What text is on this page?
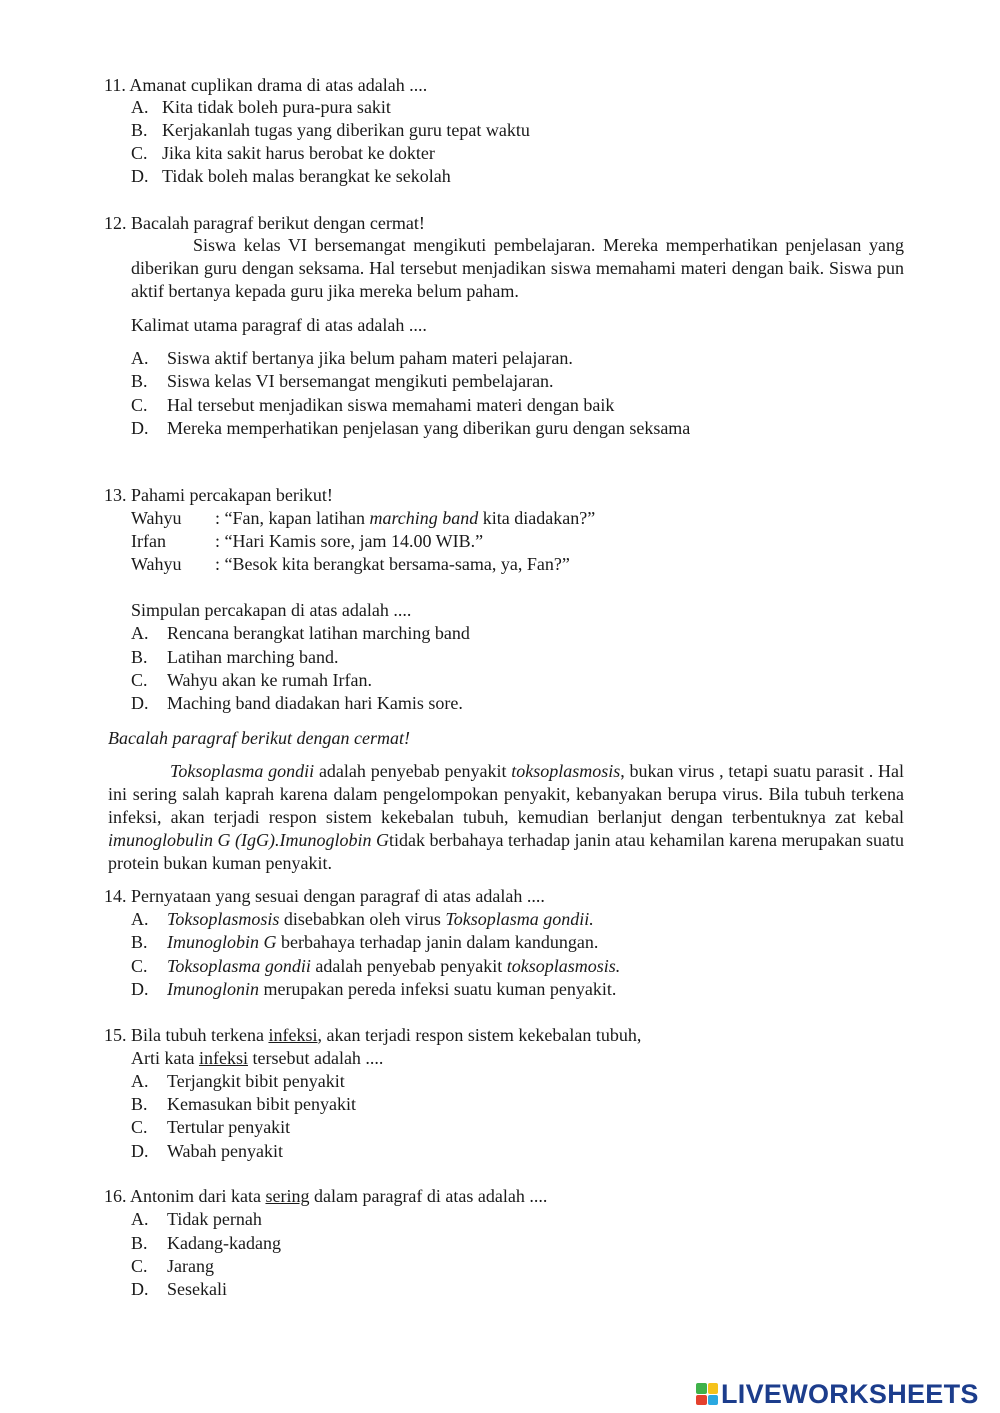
11. Amanat cuplikan drama di atas adalah ....
A. Kita tidak boleh pura-pura sakit
B. Kerjakanlah tugas yang diberikan guru tepat waktu
C. Jika kita sakit harus berobat ke dokter
D. Tidak boleh malas berangkat ke sekolah
12. Bacalah paragraf berikut dengan cermat!
Siswa kelas VI bersemangat mengikuti pembelajaran. Mereka memperhatikan penjelasan yang diberikan guru dengan seksama. Hal tersebut menjadikan siswa memahami materi dengan baik. Siswa pun aktif bertanya kepada guru jika mereka belum paham.
Kalimat utama paragraf di atas adalah ....
A. Siswa aktif bertanya jika belum paham materi pelajaran.
B. Siswa kelas VI bersemangat mengikuti pembelajaran.
C. Hal tersebut menjadikan siswa memahami materi dengan baik
D. Mereka memperhatikan penjelasan yang diberikan guru dengan seksama
13. Pahami percakapan berikut!
Wahyu : “Fan, kapan latihan marching band kita diadakan?”
Irfan	: “Hari Kamis sore, jam 14.00 WIB.”
Wahyu : “Besok kita berangkat bersama-sama, ya, Fan?”
Simpulan percakapan di atas adalah ....
A. Rencana berangkat latihan marching band
B. Latihan marching band.
C. Wahyu akan ke rumah Irfan.
D. Maching band diadakan hari Kamis sore.
Bacalah paragraf berikut dengan cermat!
Toksoplasma gondii adalah penyebab penyakit toksoplasmosis, bukan virus , tetapi suatu parasit . Hal ini sering salah kaprah karena dalam pengelompokan penyakit, kebanyakan berupa virus. Bila tubuh terkena infeksi, akan terjadi respon sistem kekebalan tubuh, kemudian berlanjut dengan terbentuknya zat kebal imunoglobulin G (IgG).Imunoglobin Gtidak berbahaya terhadap janin atau kehamilan karena merupakan suatu protein bukan kuman penyakit.
14. Pernyataan yang sesuai dengan paragraf di atas adalah ....
A. Toksoplasmosis disebabkan oleh virus Toksoplasma gondii.
B. Imunoglobin G berbahaya terhadap janin dalam kandungan.
C. Toksoplasma gondii adalah penyebab penyakit toksoplasmosis.
D. Imunoglonin merupakan pereda infeksi suatu kuman penyakit.
15. Bila tubuh terkena infeksi, akan terjadi respon sistem kekebalan tubuh,
Arti kata infeksi tersebut adalah ....
A. Terjangkit bibit penyakit
B. Kemasukan bibit penyakit
C. Tertular penyakit
D. Wabah penyakit
16. Antonim dari kata sering dalam paragraf di atas adalah ....
A. Tidak pernah
B. Kadang-kadang
C. Jarang
D. Sesekali
LIVEWORKSHEETS
